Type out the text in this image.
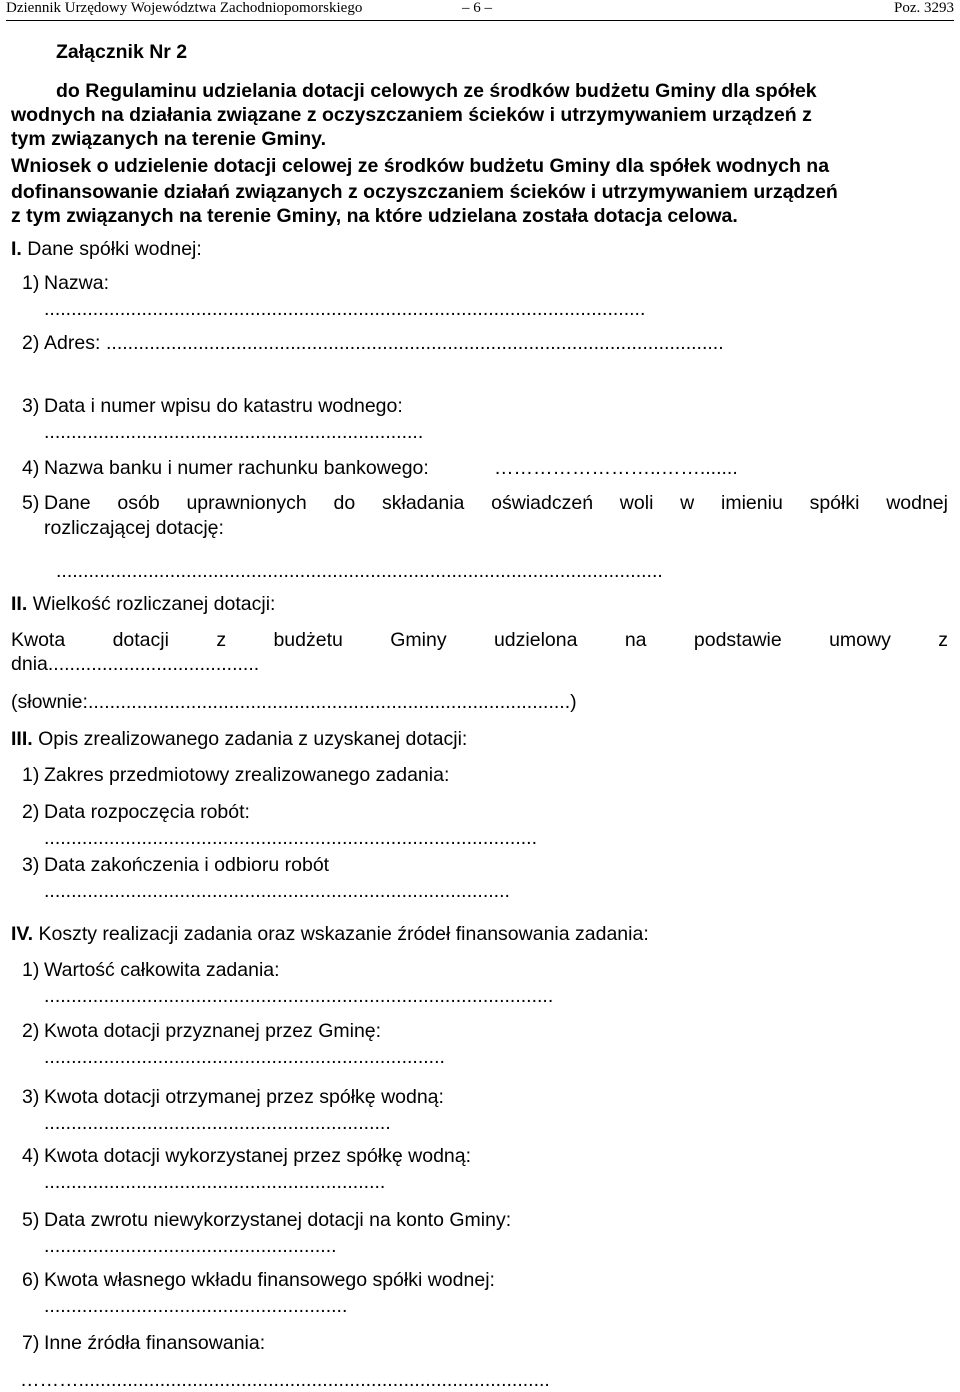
Dziennik Urzędowy Województwa Zachodniopomorskiego	– 6 –	Poz. 3293
Załącznik Nr 2
do Regulaminu udzielania dotacji celowych ze środków budżetu Gminy dla spółek
wodnych na działania związane z oczyszczaniem ścieków i utrzymywaniem urządzeń z
tym związanych na terenie Gminy.
Wniosek o udzielenie dotacji celowej ze środków budżetu Gminy dla spółek wodnych na
dofinansowanie działań związanych z oczyszczaniem ścieków i utrzymywaniem urządzeń
z tym związanych na terenie Gminy, na które udzielana została dotacja celowa.
I. Dane spółki wodnej:
1) Nazwa:
...............................................................................................................
2) Adres: ..................................................................................................................
3) Data i numer wpisu do katastru wodnego:
......................................................................
4) Nazwa banku i numer rachunku bankowego:	……………………..…….......
5) Dane osób uprawnionych do składania oświadczeń woli w imieniu spółki wodnej
rozliczającej dotację:
................................................................................................................
II. Wielkość rozliczanej dotacji:
Kwota dotacji z budżetu Gminy udzielona na podstawie umowy z
dnia.......................................
(słownie:.........................................................................................)
III. Opis zrealizowanego zadania z uzyskanej dotacji:
1) Zakres przedmiotowy zrealizowanego zadania:
2) Data rozpoczęcia robót:
...........................................................................................
3) Data zakończenia i odbioru robót
......................................................................................
IV. Koszty realizacji zadania oraz wskazanie źródeł finansowania zadania:
1) Wartość całkowita zadania:
..............................................................................................
2) Kwota dotacji przyznanej przez Gminę:
..........................................................................
3) Kwota dotacji otrzymanej przez spółkę wodną:
................................................................
4) Kwota dotacji wykorzystanej przez spółkę wodną:
...............................................................
5) Data zwrotu niewykorzystanej dotacji na konto Gminy:
......................................................
6) Kwota własnego wkładu finansowego spółki wodnej:
........................................................
7) Inne źródła finansowania:
……….......................................................................................
